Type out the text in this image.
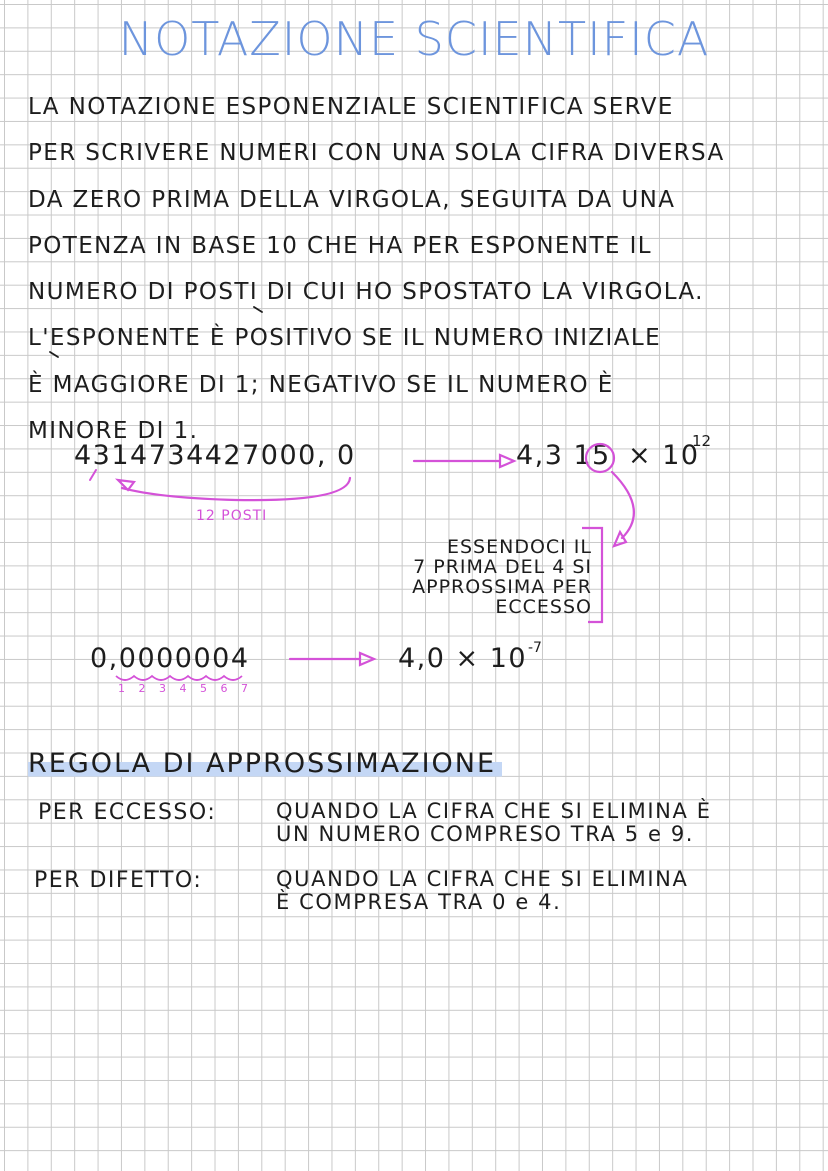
NOTAZIONE SCIENTIFICA
LA NOTAZIONE ESPONENZIALE SCIENTIFICA SERVE
PER SCRIVERE NUMERI CON UNA SOLA CIFRA DIVERSA
DA ZERO PRIMA DELLA VIRGOLA, SEGUITA DA UNA
POTENZA IN BASE 10 CHE HA PER ESPONENTE IL
NUMERO DI POSTI DI CUI HO SPOSTATO LA VIRGOLA.
L'ESPONENTE È POSITIVO SE IL NUMERO INIZIALE
È MAGGIORE DI 1; NEGATIVO SE IL NUMERO È
MINORE DI 1.
4314734427000, 0	4,3 1 5 × 10
12
12 POSTI
ESSENDOCI IL
7 PRIMA DEL 4 SI
APPROSSIMA PER
ECCESSO
0,0000004	4,0 × 10 -7
1 2 3 4 5 6 7
REGOLA DI APPROSSIMAZIONE
PER ECCESSO:	QUANDO LA CIFRA CHE SI ELIMINA È
UN NUMERO COMPRESO TRA 5 e 9.
PER DIFETTO:	QUANDO LA CIFRA CHE SI ELIMINA
È COMPRESA TRA 0 e 4.
